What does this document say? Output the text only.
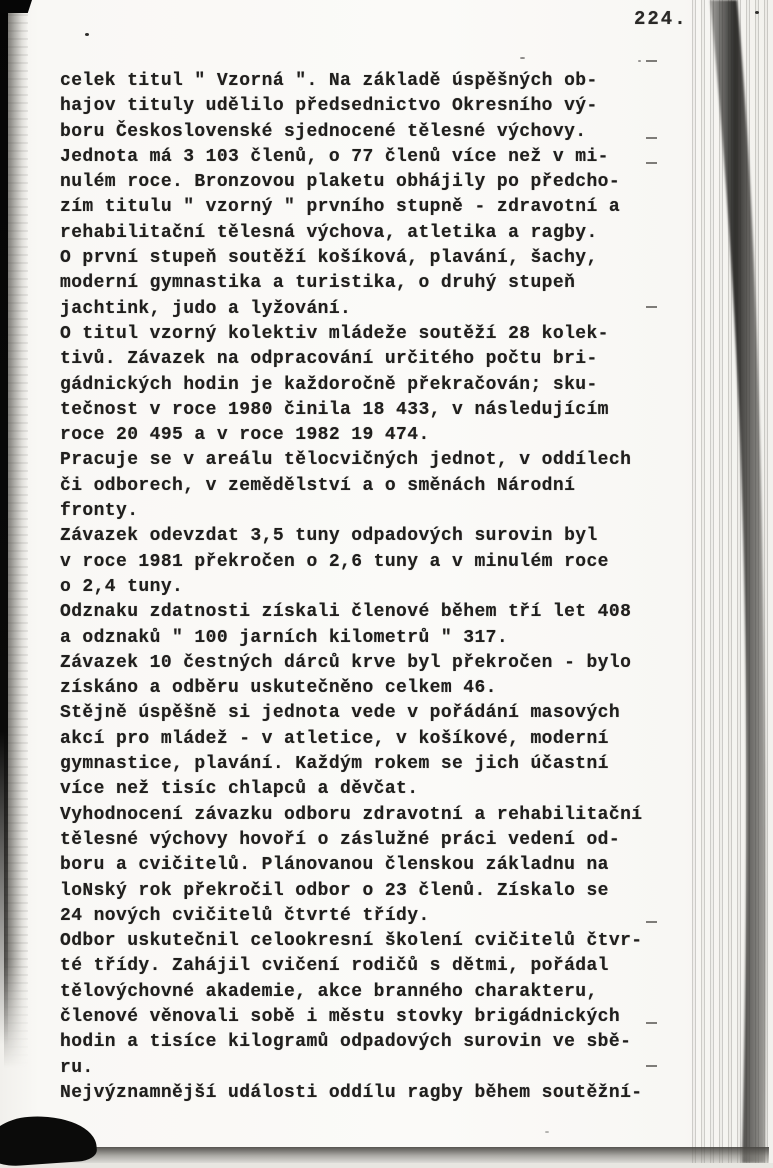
224.
celek titul " Vzorná ". Na základě úspěšných ob-
hajov tituly udělilo předsednictvo Okresního vý-
boru Československé sjednocené tělesné výchovy.
Jednota má 3 103 členů, o 77 členů více než v mi-
nulém roce. Bronzovou plaketu obhájily po předcho-
zím titulu " vzorný " prvního stupně - zdravotní a
rehabilitační tělesná výchova, atletika a ragby.
O první stupeň soutěží košíková, plavání, šachy,
moderní gymnastika a turistika, o druhý stupeň
jachtink, judo a lyžování.
O titul vzorný kolektiv mládeže soutěží 28 kolek-
tivů. Závazek na odpracování určitého počtu bri-
gádnických hodin je každoročně překračován; sku-
tečnost v roce 1980 činila 18 433, v následujícím
roce 20 495 a v roce 1982 19 474.
Pracuje se v areálu tělocvičných jednot, v oddílech
či odborech, v zemědělství a o směnách Národní
fronty.
Závazek odevzdat 3,5 tuny odpadových surovin byl
v roce 1981 překročen o 2,6 tuny a v minulém roce
o 2,4 tuny.
Odznaku zdatnosti získali členové během tří let 408
a odznaků " 100 jarních kilometrů " 317.
Závazek 10 čestných dárců krve byl překročen - bylo
získáno a odběru uskutečněno celkem 46.
Stějně úspěšně si jednota vede v pořádání masových
akcí pro mládež - v atletice, v košíkové, moderní
gymnastice, plavání. Každým rokem se jich účastní
více než tisíc chlapců a děvčat.
Vyhodnocení závazku odboru zdravotní a rehabilitační
tělesné výchovy hovoří o záslužné práci vedení od-
boru a cvičitelů. Plánovanou členskou základnu na
loNský rok překročil odbor o 23 členů. Získalo se
24 nových cvičitelů čtvrté třídy.
Odbor uskutečnil celookresní školení cvičitelů čtvr-
té třídy. Zahájil cvičení rodičů s dětmi, pořádal
tělovýchovné akademie, akce branného charakteru,
členové věnovali sobě i městu stovky brigádnických
hodin a tisíce kilogramů odpadových surovin ve sbě-
ru.
Nejvýznamnější události oddílu ragby během soutěžní-
